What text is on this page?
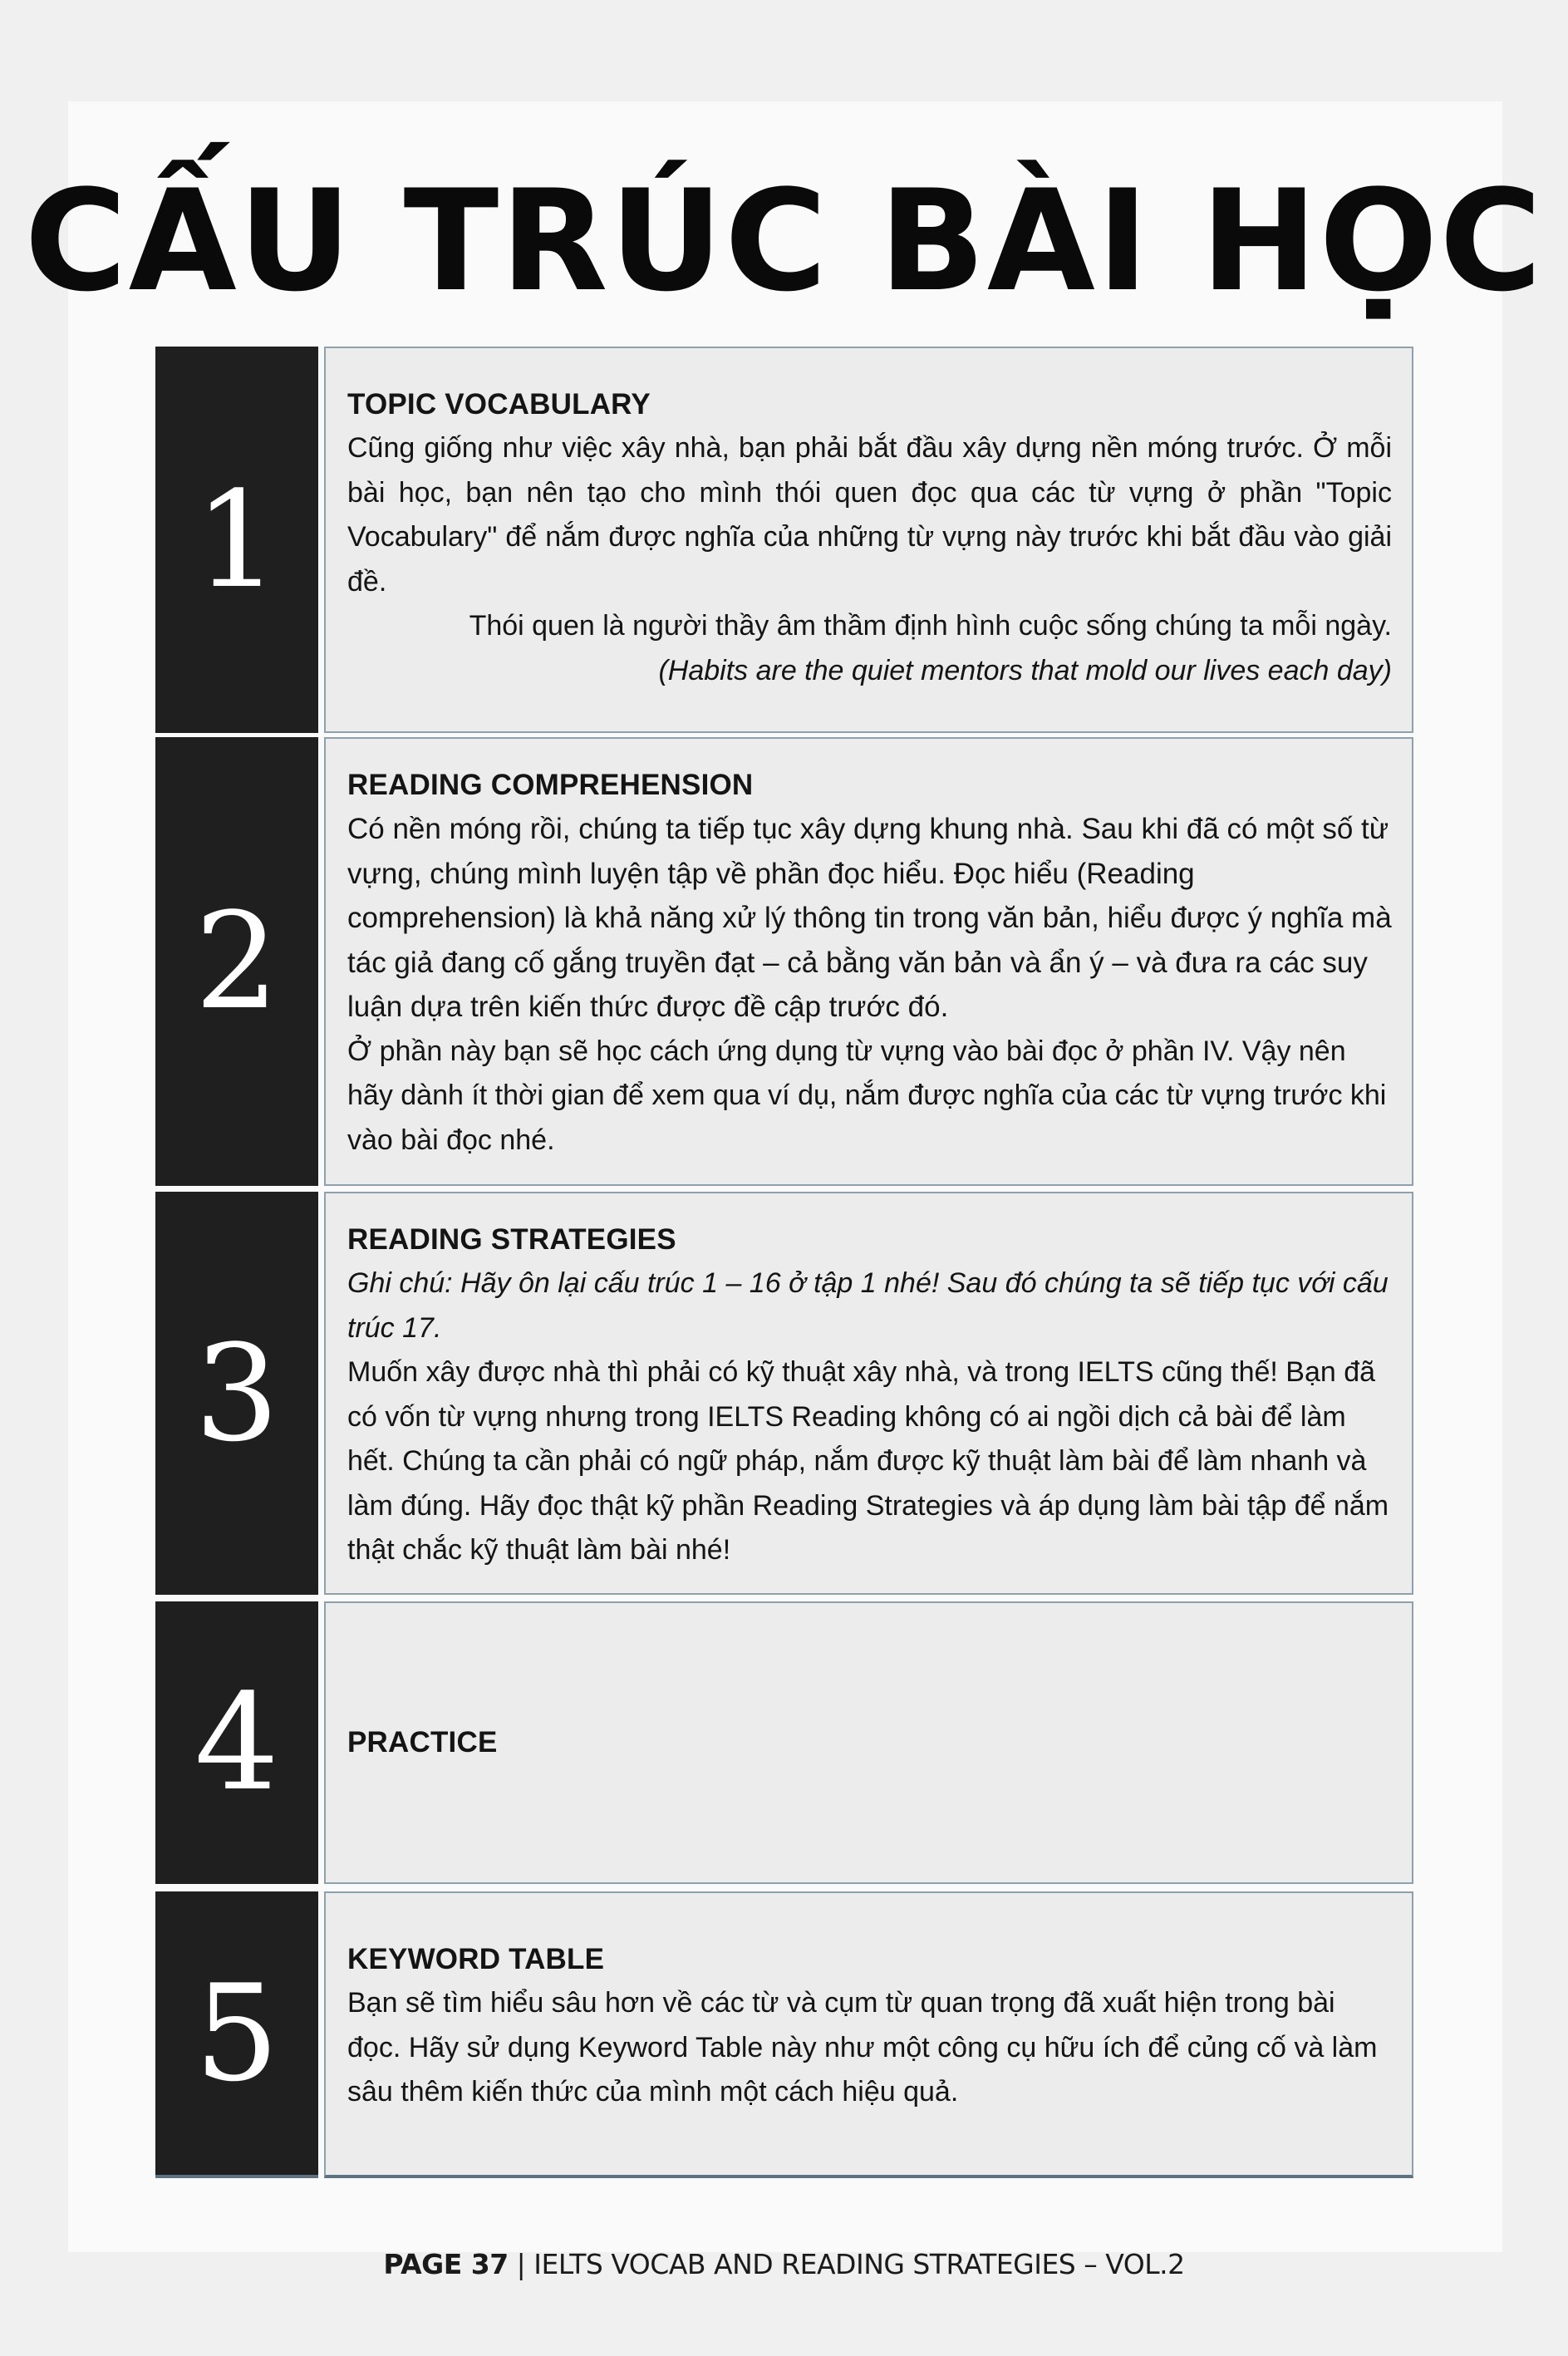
CẤU TRÚC BÀI HỌC
1

TOPIC VOCABULARY

Cũng giống như việc xây nhà, bạn phải bắt đầu xây dựng nền móng trước. Ở mỗi bài học, bạn nên tạo cho mình thói quen đọc qua các từ vựng ở phần "Topic Vocabulary" để nắm được nghĩa của những từ vựng này trước khi bắt đầu vào giải đề.

Thói quen là người thầy âm thầm định hình cuộc sống chúng ta mỗi ngày.

(Habits are the quiet mentors that mold our lives each day)

2

READING COMPREHENSION

Có nền móng rồi, chúng ta tiếp tục xây dựng khung nhà. Sau khi đã có một số từ vựng, chúng mình luyện tập về phần đọc hiểu. Đọc hiểu (Reading comprehension) là khả năng xử lý thông tin trong văn bản, hiểu được ý nghĩa mà tác giả đang cố gắng truyền đạt – cả bằng văn bản và ẩn ý – và đưa ra các suy luận dựa trên kiến thức được đề cập trước đó.

Ở phần này bạn sẽ học cách ứng dụng từ vựng vào bài đọc ở phần IV. Vậy nên hãy dành ít thời gian để xem qua ví dụ, nắm được nghĩa của các từ vựng trước khi vào bài đọc nhé.

3

READING STRATEGIES

Ghi chú: Hãy ôn lại cấu trúc 1 – 16 ở tập 1 nhé! Sau đó chúng ta sẽ tiếp tục với cấu trúc 17.

Muốn xây được nhà thì phải có kỹ thuật xây nhà, và trong IELTS cũng thế! Bạn đã có vốn từ vựng nhưng trong IELTS Reading không có ai ngồi dịch cả bài để làm hết. Chúng ta cần phải có ngữ pháp, nắm được kỹ thuật làm bài để làm nhanh và làm đúng. Hãy đọc thật kỹ phần Reading Strategies và áp dụng làm bài tập để nắm thật chắc kỹ thuật làm bài nhé!

4 PRACTICE

5 KEYWORD TABLE

Bạn sẽ tìm hiểu sâu hơn về các từ và cụm từ quan trọng đã xuất hiện trong bài đọc. Hãy sử dụng Keyword Table này như một công cụ hữu ích để củng cố và làm sâu thêm kiến thức của mình một cách hiệu quả.

PAGE 37 | IELTS VOCAB AND READING STRATEGIES – VOL.2
